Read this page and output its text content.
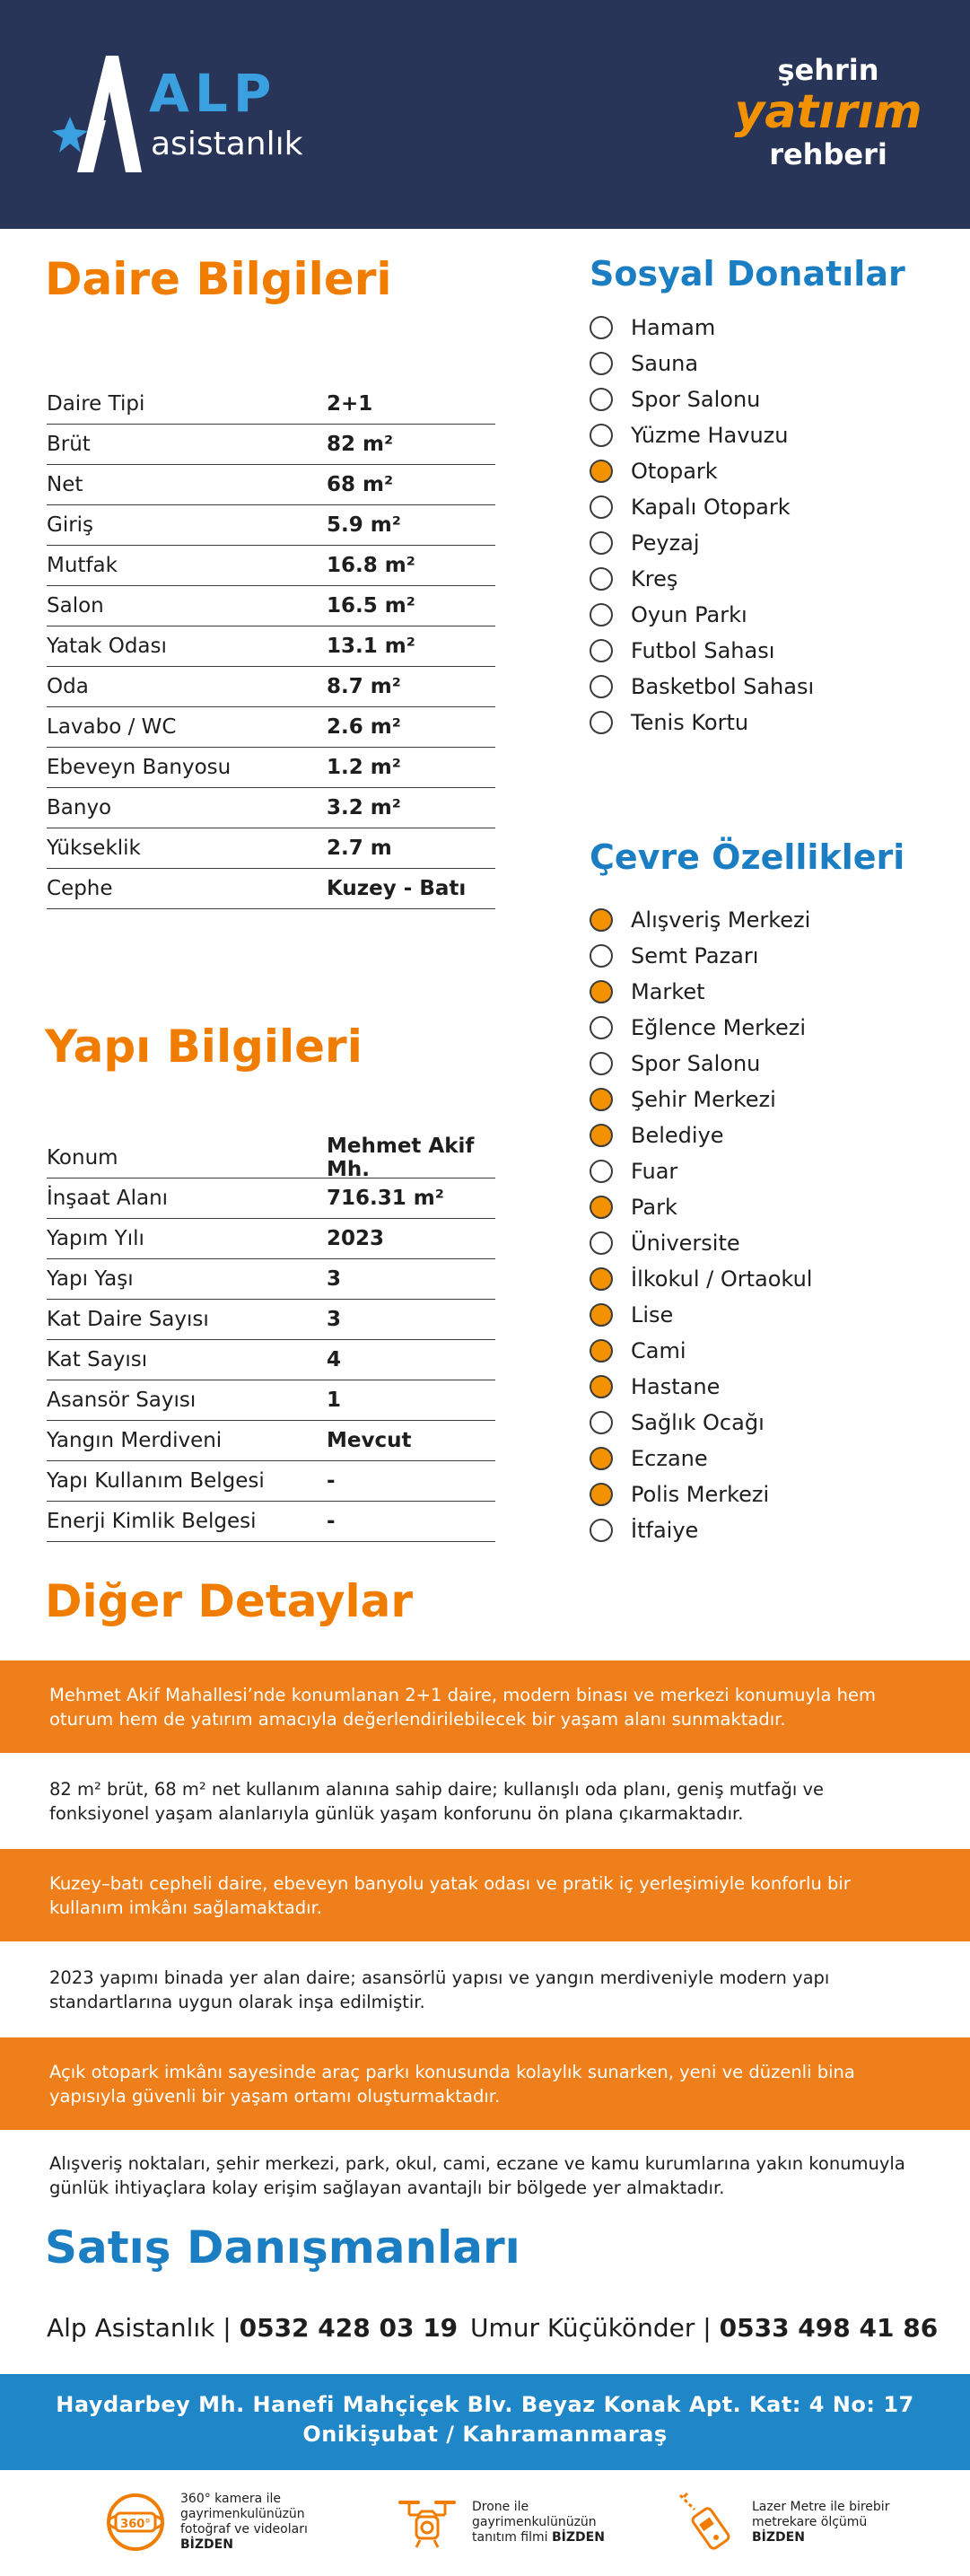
ALP
asistanlık
şehrin
yatırım
rehberi
Daire Bilgileri
Daire Tipi	2+1
Brüt	82 m²
Net	68 m²
Giriş	5.9 m²
Mutfak	16.8 m²
Salon	16.5 m²
Yatak Odası	13.1 m²
Oda	8.7 m²
Lavabo / WC	2.6 m²
Ebeveyn Banyosu	1.2 m²
Banyo	3.2 m²
Yükseklik	2.7 m
Cephe	Kuzey - Batı
Yapı Bilgileri
Konum	Mehmet Akif Mh.
İnşaat Alanı	716.31 m²
Yapım Yılı	2023
Yapı Yaşı	3
Kat Daire Sayısı	3
Kat Sayısı	4
Asansör Sayısı	1
Yangın Merdiveni	Mevcut
Yapı Kullanım Belgesi	-
Enerji Kimlik Belgesi	-
Sosyal Donatılar
Hamam
Sauna
Spor Salonu
Yüzme Havuzu
Otopark
Kapalı Otopark
Peyzaj
Kreş
Oyun Parkı
Futbol Sahası
Basketbol Sahası
Tenis Kortu
Çevre Özellikleri
Alışveriş Merkezi
Semt Pazarı
Market
Eğlence Merkezi
Spor Salonu
Şehir Merkezi
Belediye
Fuar
Park
Üniversite
İlkokul / Ortaokul
Lise
Cami
Hastane
Sağlık Ocağı
Eczane
Polis Merkezi
İtfaiye
Diğer Detaylar

Mehmet Akif Mahallesi’nde konumlanan 2+1 daire, modern binası ve merkezi konumuyla hem oturum hem de yatırım amacıyla değerlendirilebilecek bir yaşam alanı sunmaktadır.

82 m² brüt, 68 m² net kullanım alanına sahip daire; kullanışlı oda planı, geniş mutfağı ve fonksiyonel yaşam alanlarıyla günlük yaşam konforunu ön plana çıkarmaktadır.

Kuzey–batı cepheli daire, ebeveyn banyolu yatak odası ve pratik iç yerleşimiyle konforlu bir kullanım imkânı sağlamaktadır.

2023 yapımı binada yer alan daire; asansörlü yapısı ve yangın merdiveniyle modern yapı standartlarına uygun olarak inşa edilmiştir.

Açık otopark imkânı sayesinde araç parkı konusunda kolaylık sunarken, yeni ve düzenli bina yapısıyla güvenli bir yaşam ortamı oluşturmaktadır.

Alışveriş noktaları, şehir merkezi, park, okul, cami, eczane ve kamu kurumlarına yakın konumuyla günlük ihtiyaçlara kolay erişim sağlayan avantajlı bir bölgede yer almaktadır.

Satış Danışmanları
Alp Asistanlık | 0532 428 03 19 Umur Küçükönder | 0533 498 41 86
Haydarbey Mh. Hanefi Mahçiçek Blv. Beyaz Konak Apt. Kat: 4 No: 17
Onikişubat / Kahramanmaraş
360°
360° kamera ile gayrimenkulünüzün fotoğraf ve videoları BİZDEN
Drone ile gayrimenkulünüzün tanıtım filmi BİZDEN
Lazer Metre ile birebir metrekare ölçümü BİZDEN
